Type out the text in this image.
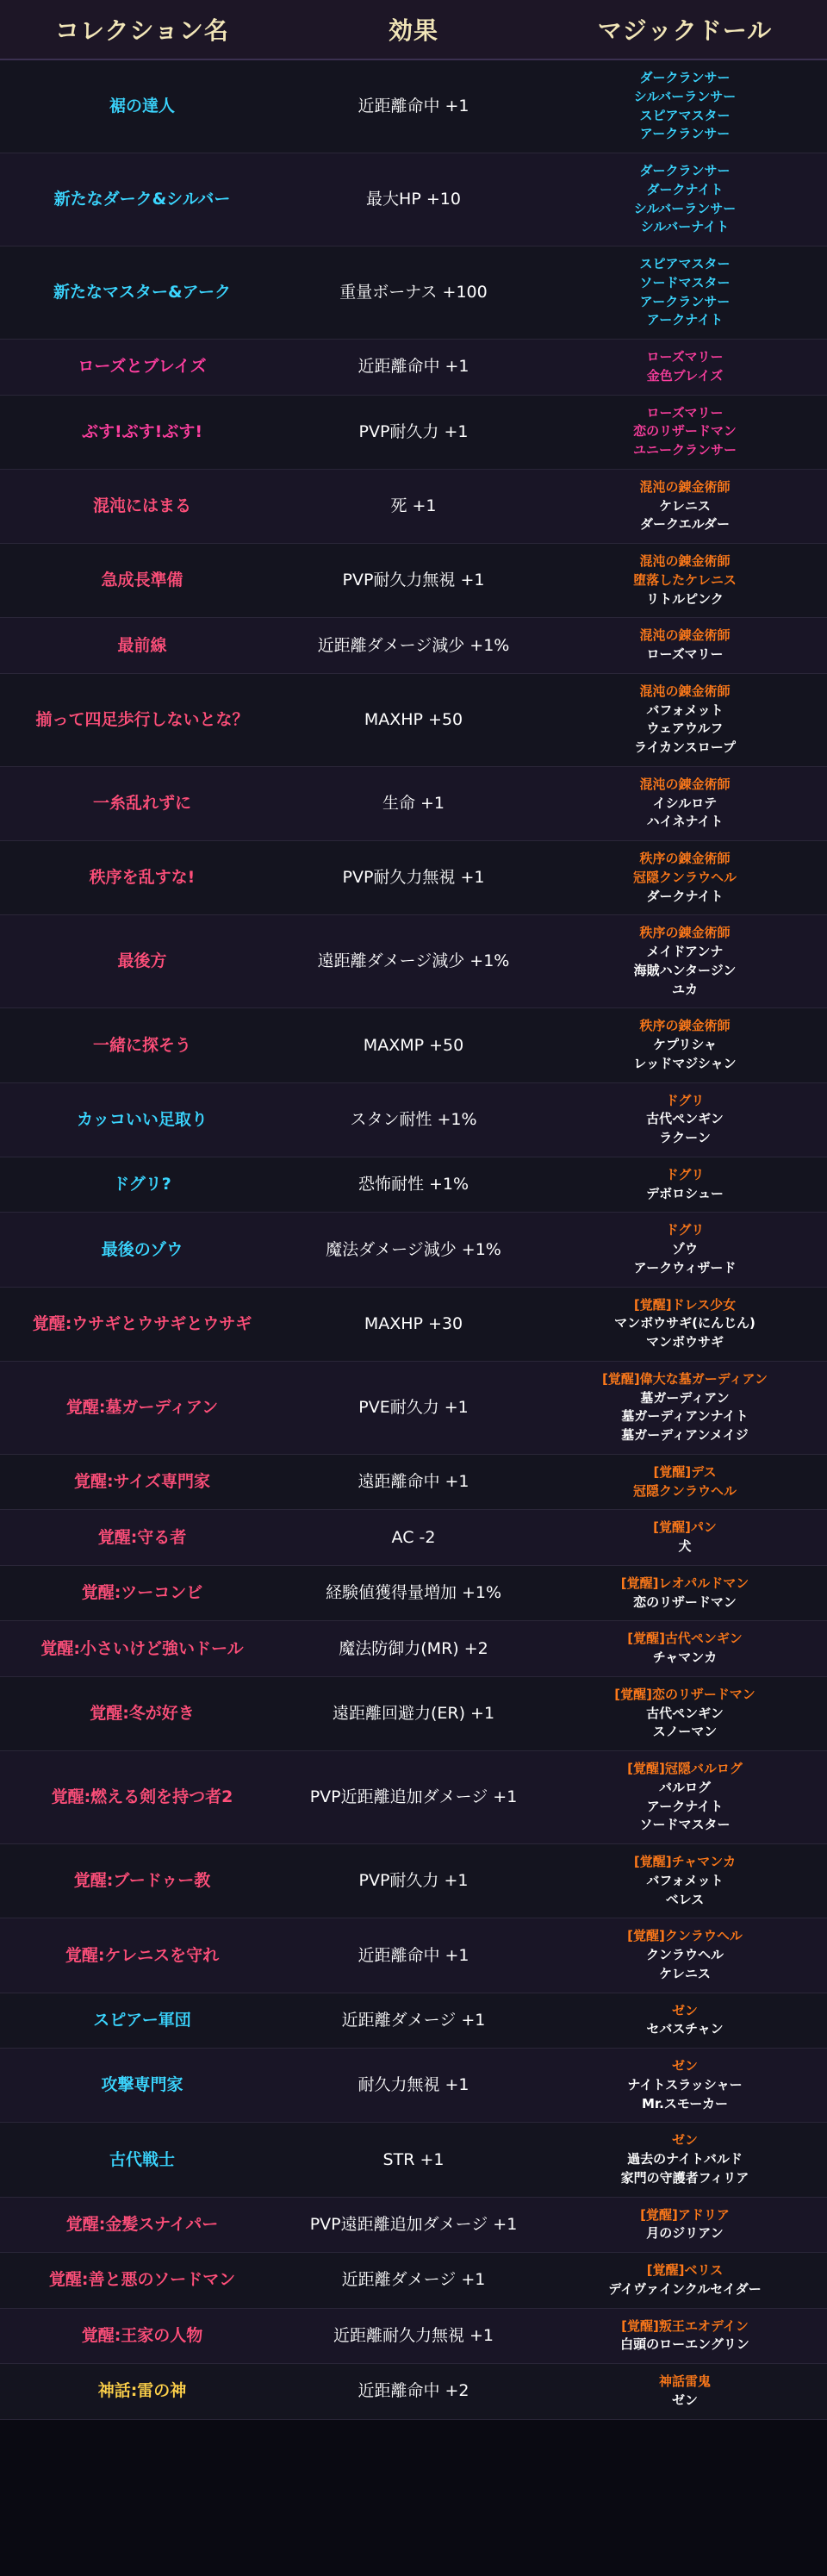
コレクション名	効果	マジックドール

裾の達人	近距離命中 +1	ダークランサー
シルバーランサー
スピアマスター
アークランサー

新たなダーク&シルバー	最大HP +10	ダークランサー
ダークナイト
シルバーランサー
シルバーナイト

新たなマスター&アーク	重量ボーナス +100	スピアマスター
ソードマスター
アークランサー
アークナイト

ローズとブレイズ	近距離命中 +1	ローズマリー
金色ブレイズ

ぶす!ぶす!ぶす!	PVP耐久力 +1	ローズマリー
恋のリザードマン
ユニークランサー

混沌にはまる	死 +1	混沌の錬金術師
ケレニス
ダークエルダー

急成長準備	PVP耐久力無視 +1	混沌の錬金術師
堕落したケレニス
リトルピンク

最前線	近距離ダメージ減少 +1%	混沌の錬金術師
ローズマリー

揃って四足歩行しないとな？	MAXHP +50	混沌の錬金術師
バフォメット
ウェアウルフ
ライカンスロープ

一糸乱れずに	生命 +1	混沌の錬金術師
イシルロテ
ハイネナイト

秩序を乱すな!	PVP耐久力無視 +1	秩序の錬金術師
冠隠クンラウヘル
ダークナイト

最後方	遠距離ダメージ減少 +1%	秩序の錬金術師
メイドアンナ
海賊ハンタージン
ユカ

一緒に探そう	MAXMP +50	秩序の錬金術師
ケプリシャ
レッドマジシャン

カッコいい足取り	スタン耐性 +1%	ドグリ
古代ペンギン
ラクーン

ドグリ?	恐怖耐性 +1%	ドグリ
デボロシュー

最後のゾウ	魔法ダメージ減少 +1%	ドグリ
ゾウ
アークウィザード

覚醒:ウサギとウサギとウサギ	MAXHP +30	[覚醒]ドレス少女
マンボウサギ(にんじん)
マンボウサギ

覚醒:墓ガーディアン	PVE耐久力 +1	[覚醒]偉大な墓ガーディアン
墓ガーディアン
墓ガーディアンナイト
墓ガーディアンメイジ

覚醒:サイズ専門家	遠距離命中 +1	[覚醒]デス
冠隠クンラウヘル

覚醒:守る者	AC -2	[覚醒]パン
犬

覚醒:ツーコンビ	経験値獲得量増加 +1%	[覚醒]レオパルドマン
恋のリザードマン

覚醒:小さいけど強いドール	魔法防御力(MR) +2	[覚醒]古代ペンギン
チャマンカ

覚醒:冬が好き	遠距離回避力(ER) +1	[覚醒]恋のリザードマン
古代ペンギン
スノーマン

覚醒:燃える剣を持つ者2	PVP近距離追加ダメージ +1	[覚醒]冠隠バルログ
バルログ
アークナイト
ソードマスター

覚醒:ブードゥー教	PVP耐久力 +1	[覚醒]チャマンカ
バフォメット
ベレス

覚醒:ケレニスを守れ	近距離命中 +1	[覚醒]クンラウヘル
クンラウヘル
ケレニス

スピアー軍団	近距離ダメージ +1	ゼン
セバスチャン

攻撃専門家	耐久力無視 +1	ゼン
ナイトスラッシャー
Mr.スモーカー

古代戦士	STR +1	ゼン
過去のナイトバルド
家門の守護者フィリア

覚醒:金髪スナイパー	PVP遠距離追加ダメージ +1	[覚醒]アドリア
月のジリアン

覚醒:善と悪のソードマン	近距離ダメージ +1	[覚醒]ベリス
デイヴァインクルセイダー

覚醒:王家の人物	近距離耐久力無視 +1	[覚醒]叛王エオデイン
白頭のローエングリン

神話:雷の神	近距離命中 +2	神話雷鬼
ゼン
